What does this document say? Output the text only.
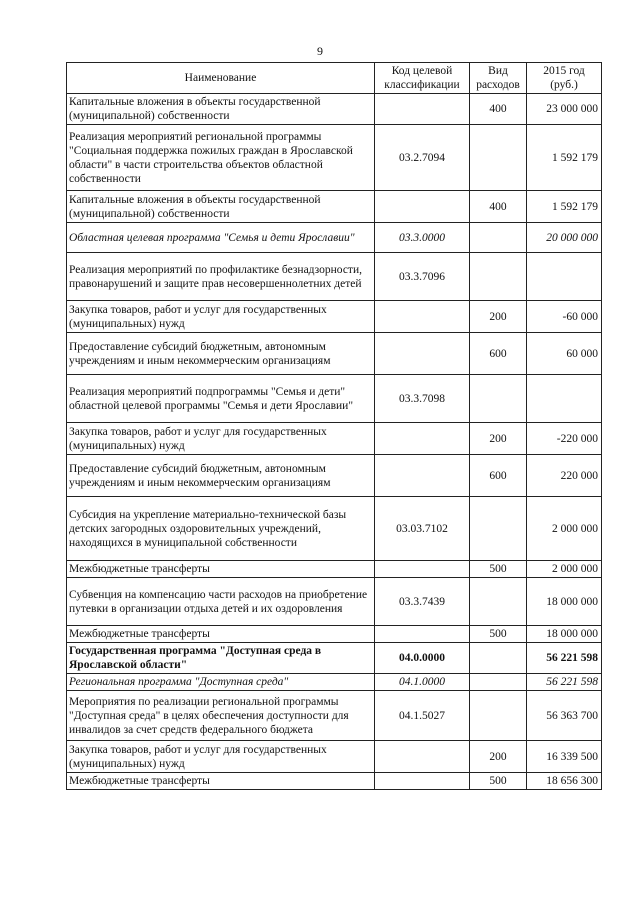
9
Наименование	Код целевой классификации	Вид расходов	2015 год (руб.)
Капитальные вложения в объекты государственной (муниципальной) собственности		400	23 000 000
Реализация мероприятий региональной программы "Социальная поддержка пожилых граждан в Ярославской области" в части строительства объектов областной собственности	03.2.7094		1 592 179
Капитальные вложения в объекты государственной (муниципальной) собственности		400	1 592 179
Областная целевая программа "Семья и дети Ярославии"	03.3.0000		20 000 000
Реализация мероприятий по профилактике безнадзорности, правонарушений и защите прав несовершеннолетних детей	03.3.7096		
Закупка товаров, работ и услуг для государственных (муниципальных) нужд		200	-60 000
Предоставление субсидий бюджетным, автономным учреждениям и иным некоммерческим организациям		600	60 000
Реализация мероприятий подпрограммы "Семья и дети" областной целевой программы "Семья и дети Ярославии"	03.3.7098		
Закупка товаров, работ и услуг для государственных (муниципальных) нужд		200	-220 000
Предоставление субсидий бюджетным, автономным учреждениям и иным некоммерческим организациям		600	220 000
Субсидия на укрепление материально-технической базы детских загородных оздоровительных учреждений, находящихся в муниципальной собственности	03.03.7102		2 000 000
Межбюджетные трансферты		500	2 000 000
Субвенция на компенсацию части расходов на приобретение путевки в организации отдыха детей и их оздоровления	03.3.7439		18 000 000
Межбюджетные трансферты		500	18 000 000
Государственная программа "Доступная среда в Ярославской области"	04.0.0000		56 221 598
Региональная программа "Доступная среда"	04.1.0000		56 221 598
Мероприятия по реализации региональной программы "Доступная среда" в целях обеспечения доступности для инвалидов за счет средств федерального бюджета	04.1.5027		56 363 700
Закупка товаров, работ и услуг для государственных (муниципальных) нужд		200	16 339 500
Межбюджетные трансферты		500	18 656 300
